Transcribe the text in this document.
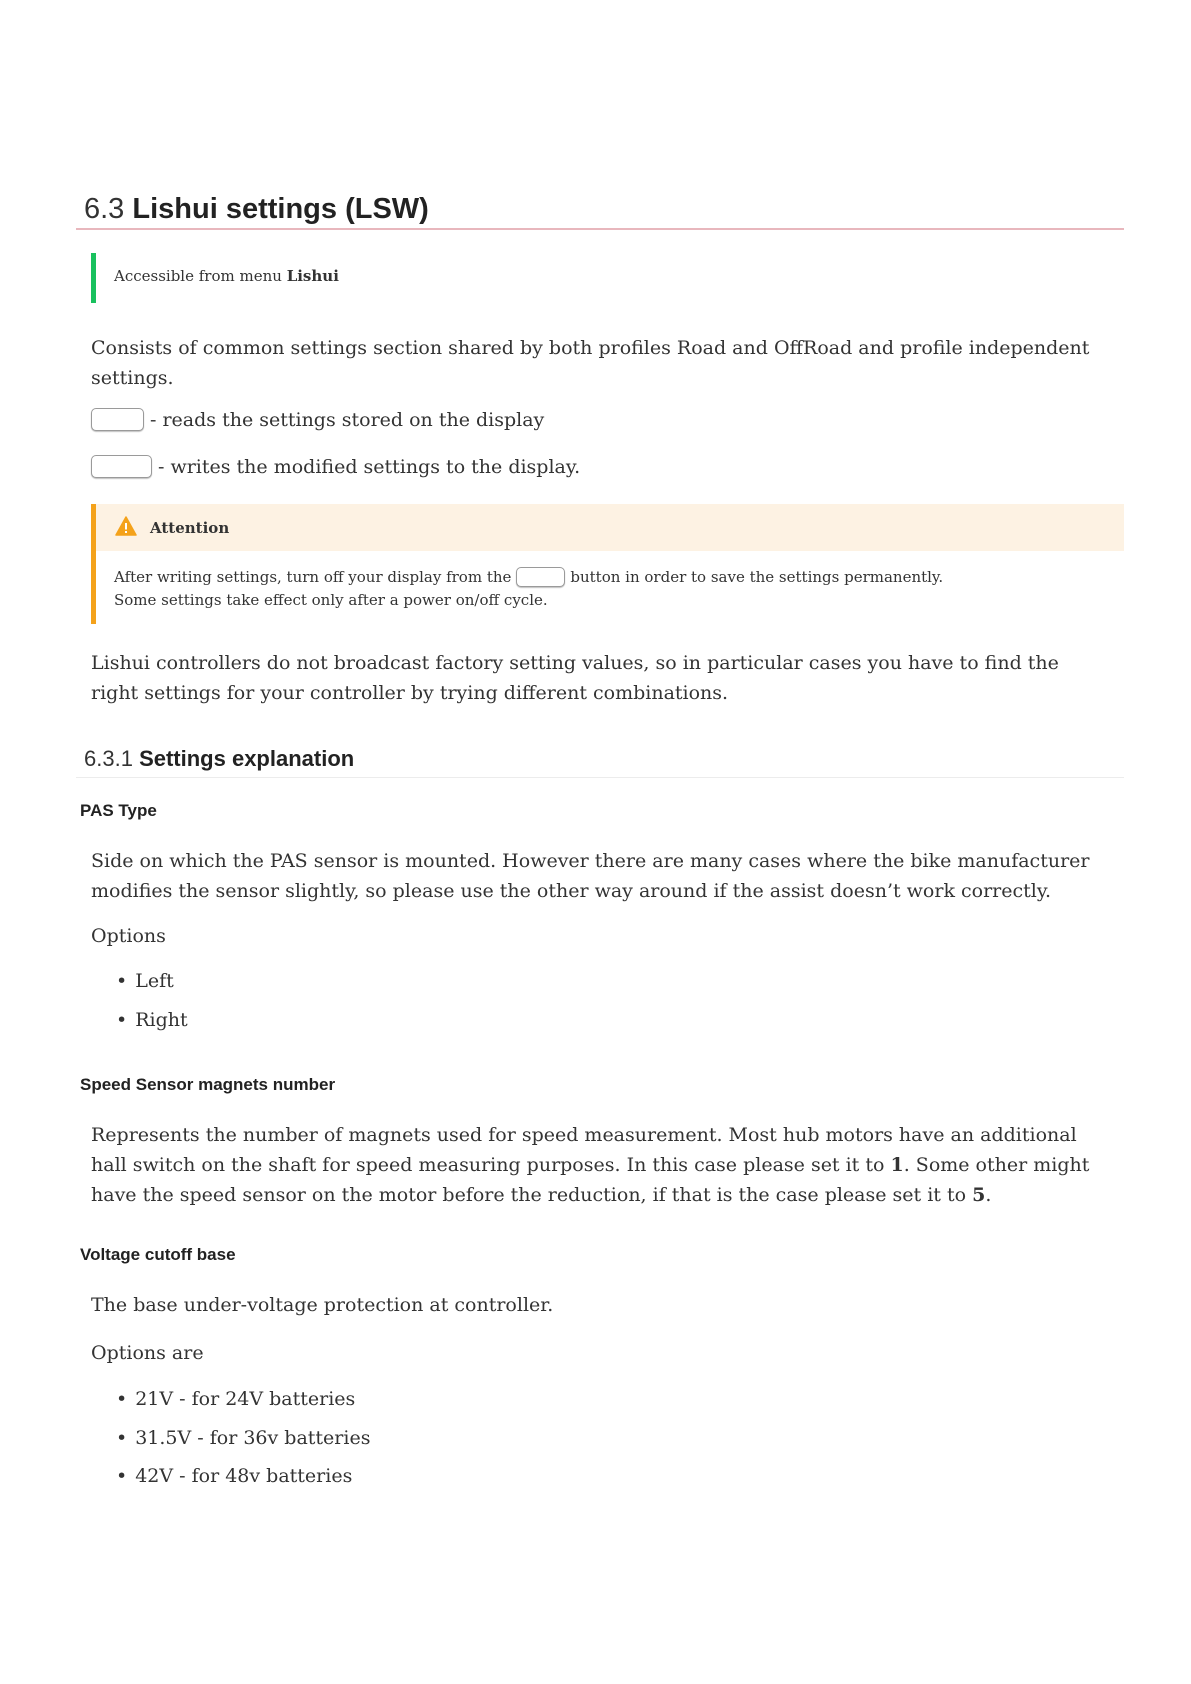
6.3 Lishui settings (LSW)
Accessible from menu Lishui

Consists of common settings section shared by both profiles Road and OffRoad and profile independent settings.

- reads the settings stored on the display

- writes the modified settings to the display.

Attention
After writing settings, turn off your display from the	button in order to save the settings permanently.
Some settings take effect only after a power on/off cycle.

Lishui controllers do not broadcast factory setting values, so in particular cases you have to find the right settings for your controller by trying different combinations.

6.3.1 Settings explanation
PAS Type

Side on which the PAS sensor is mounted. However there are many cases where the bike manufacturer modifies the sensor slightly, so please use the other way around if the assist doesn’t work correctly.

Options

• Left
• Right
Speed Sensor magnets number

Represents the number of magnets used for speed measurement. Most hub motors have an additional hall switch on the shaft for speed measuring purposes. In this case please set it to 1. Some other might have the speed sensor on the motor before the reduction, if that is the case please set it to 5.

Voltage cutoff base

The base under-voltage protection at controller.

Options are

• 21V - for 24V batteries
• 31.5V - for 36v batteries
• 42V - for 48v batteries
